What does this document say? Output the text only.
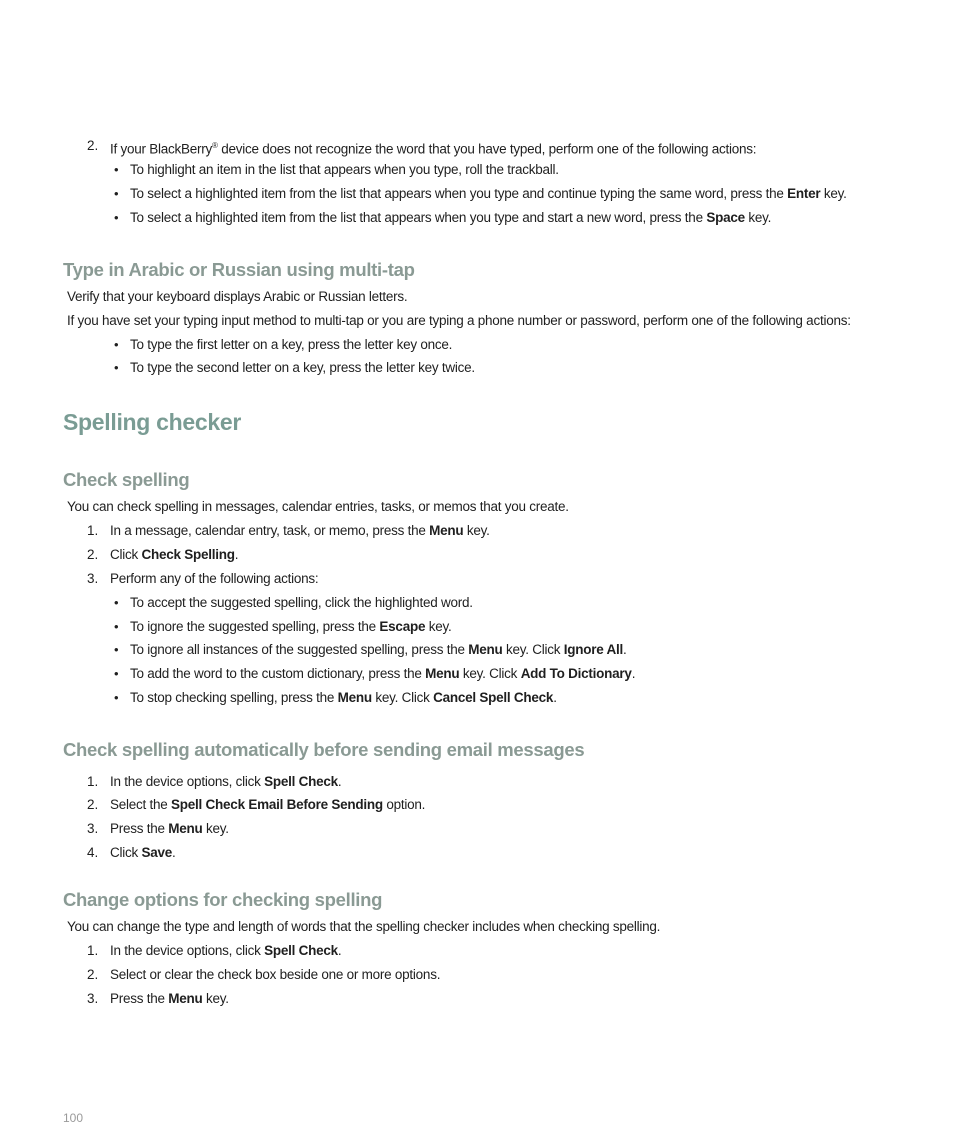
2. If your BlackBerry® device does not recognize the word that you have typed, perform one of the following actions:
• To highlight an item in the list that appears when you type, roll the trackball.
• To select a highlighted item from the list that appears when you type and continue typing the same word, press the Enter key.
• To select a highlighted item from the list that appears when you type and start a new word, press the Space key.
Type in Arabic or Russian using multi-tap
Verify that your keyboard displays Arabic or Russian letters.
If you have set your typing input method to multi-tap or you are typing a phone number or password, perform one of the following actions:
• To type the first letter on a key, press the letter key once.
• To type the second letter on a key, press the letter key twice.
Spelling checker
Check spelling
You can check spelling in messages, calendar entries, tasks, or memos that you create.
1. In a message, calendar entry, task, or memo, press the Menu key.
2. Click Check Spelling.
3. Perform any of the following actions:
• To accept the suggested spelling, click the highlighted word.
• To ignore the suggested spelling, press the Escape key.
• To ignore all instances of the suggested spelling, press the Menu key. Click Ignore All.
• To add the word to the custom dictionary, press the Menu key. Click Add To Dictionary.
• To stop checking spelling, press the Menu key. Click Cancel Spell Check.
Check spelling automatically before sending email messages
1. In the device options, click Spell Check.
2. Select the Spell Check Email Before Sending option.
3. Press the Menu key.
4. Click Save.
Change options for checking spelling
You can change the type and length of words that the spelling checker includes when checking spelling.
1. In the device options, click Spell Check.
2. Select or clear the check box beside one or more options.
3. Press the Menu key.
100
